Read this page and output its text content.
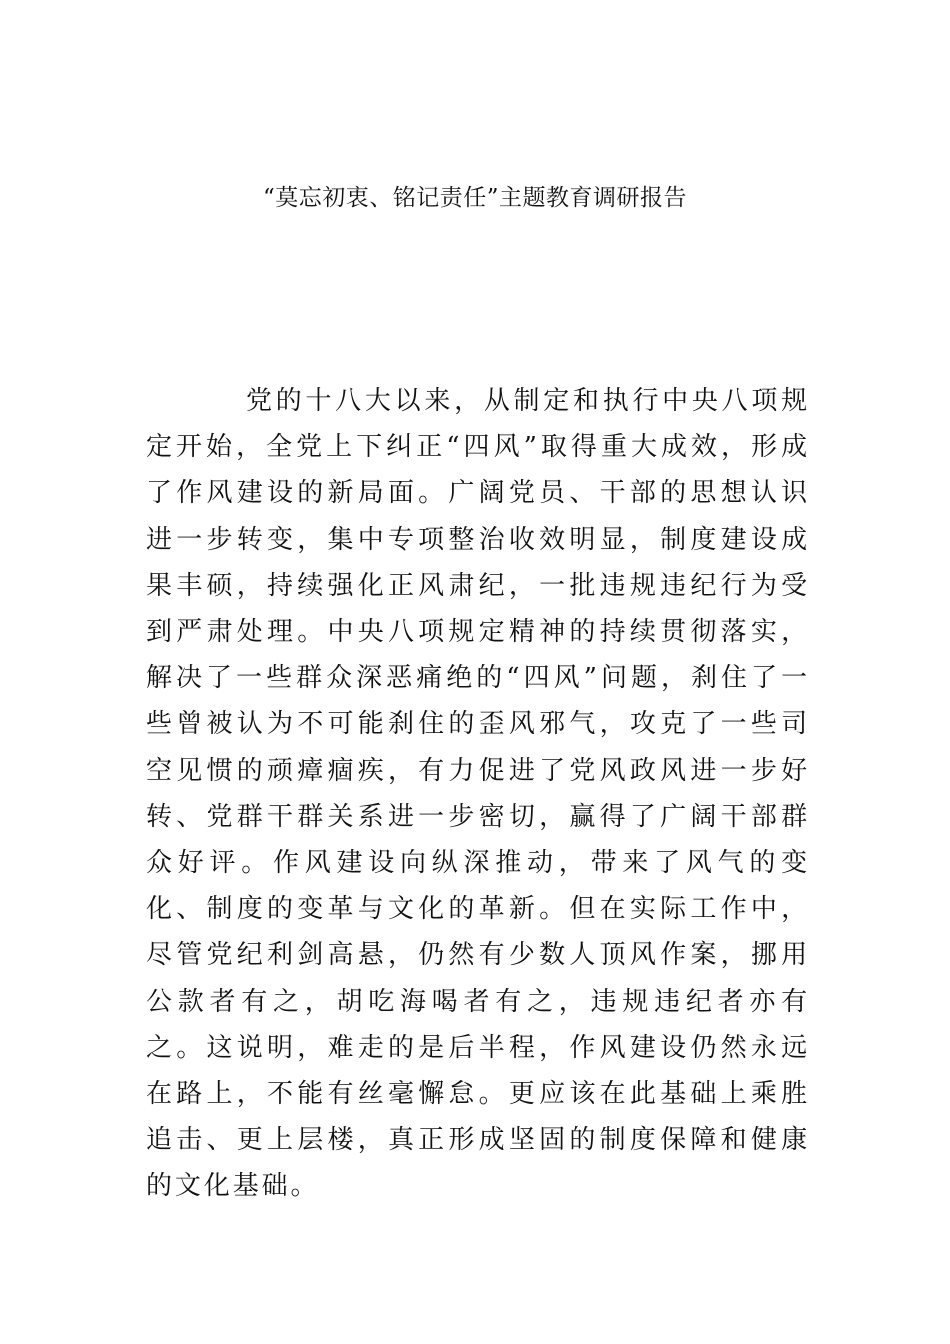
“莫忘初衷、铭记责任”主题教育调研报告

党的十八大以来，从制定和执行中央八项规定开始，全党上下纠正“四风”取得重大成效，形成了作风建设的新局面。广阔党员、干部的思想认识进一步转变，集中专项整治收效明显，制度建设成果丰硕，持续强化正风肃纪，一批违规违纪行为受到严肃处理。中央八项规定精神的持续贯彻落实，解决了一些群众深恶痛绝的“四风”问题，刹住了一些曾被认为不可能刹住的歪风邪气，攻克了一些司空见惯的顽瘴痼疾，有力促进了党风政风进一步好转、党群干群关系进一步密切，赢得了广阔干部群众好评。作风建设向纵深推动，带来了风气的变化、制度的变革与文化的革新。但在实际工作中，尽管党纪利剑高悬，仍然有少数人顶风作案，挪用公款者有之，胡吃海喝者有之，违规违纪者亦有之。这说明，难走的是后半程，作风建设仍然永远在路上，不能有丝毫懈怠。更应该在此基础上乘胜追击、更上层楼，真正形成坚固的制度保障和健康的文化基础。
